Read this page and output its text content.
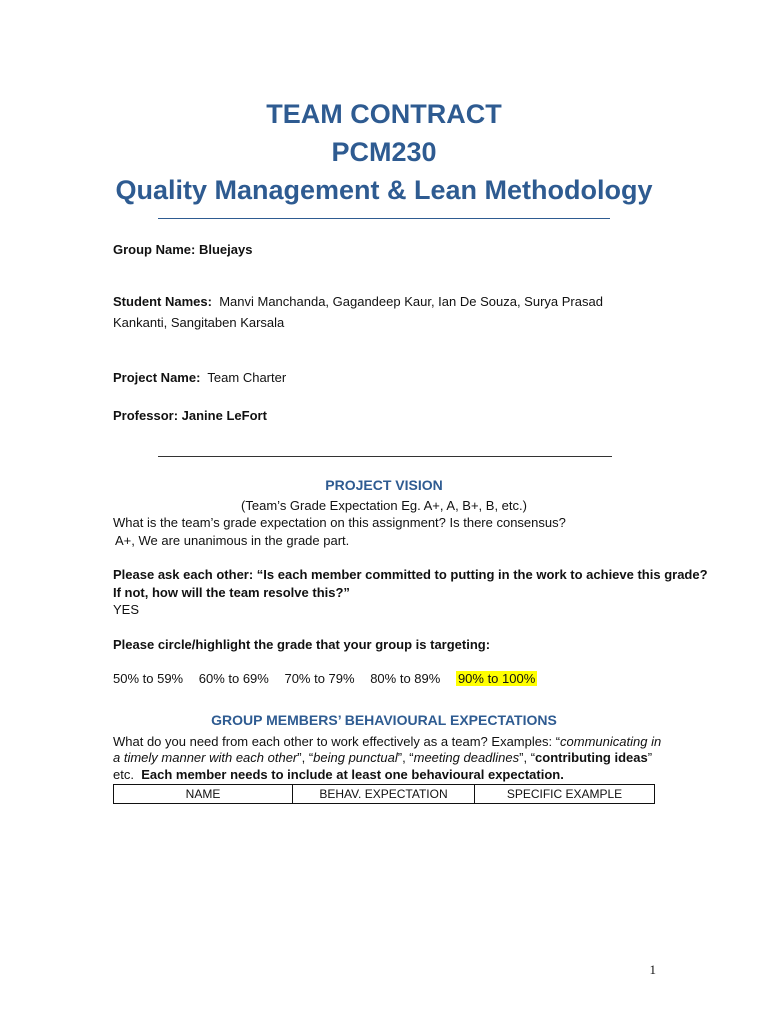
TEAM CONTRACT
PCM230
Quality Management & Lean Methodology
Group Name: Bluejays
Student Names: Manvi Manchanda, Gagandeep Kaur, Ian De Souza, Surya Prasad
Kankanti, Sangitaben Karsala
Project Name: Team Charter
Professor: Janine LeFort
PROJECT VISION
(Team’s Grade Expectation Eg. A+, A, B+, B, etc.)
What is the team’s grade expectation on this assignment? Is there consensus?
A+, We are unanimous in the grade part.
Please ask each other: “Is each member committed to putting in the work to achieve this grade?
If not, how will the team resolve this?”
YES
Please circle/highlight the grade that your group is targeting:
50% to 59% 60% to 69% 70% to 79% 80% to 89% 90% to 100%
GROUP MEMBERS’ BEHAVIOURAL EXPECTATIONS
What do you need from each other to work effectively as a team? Examples: “communicating in
a timely manner with each other”, “being punctual”, “meeting deadlines”, “contributing ideas”
etc. Each member needs to include at least one behavioural expectation.
NAME	BEHAV. EXPECTATION	SPECIFIC EXAMPLE
1
